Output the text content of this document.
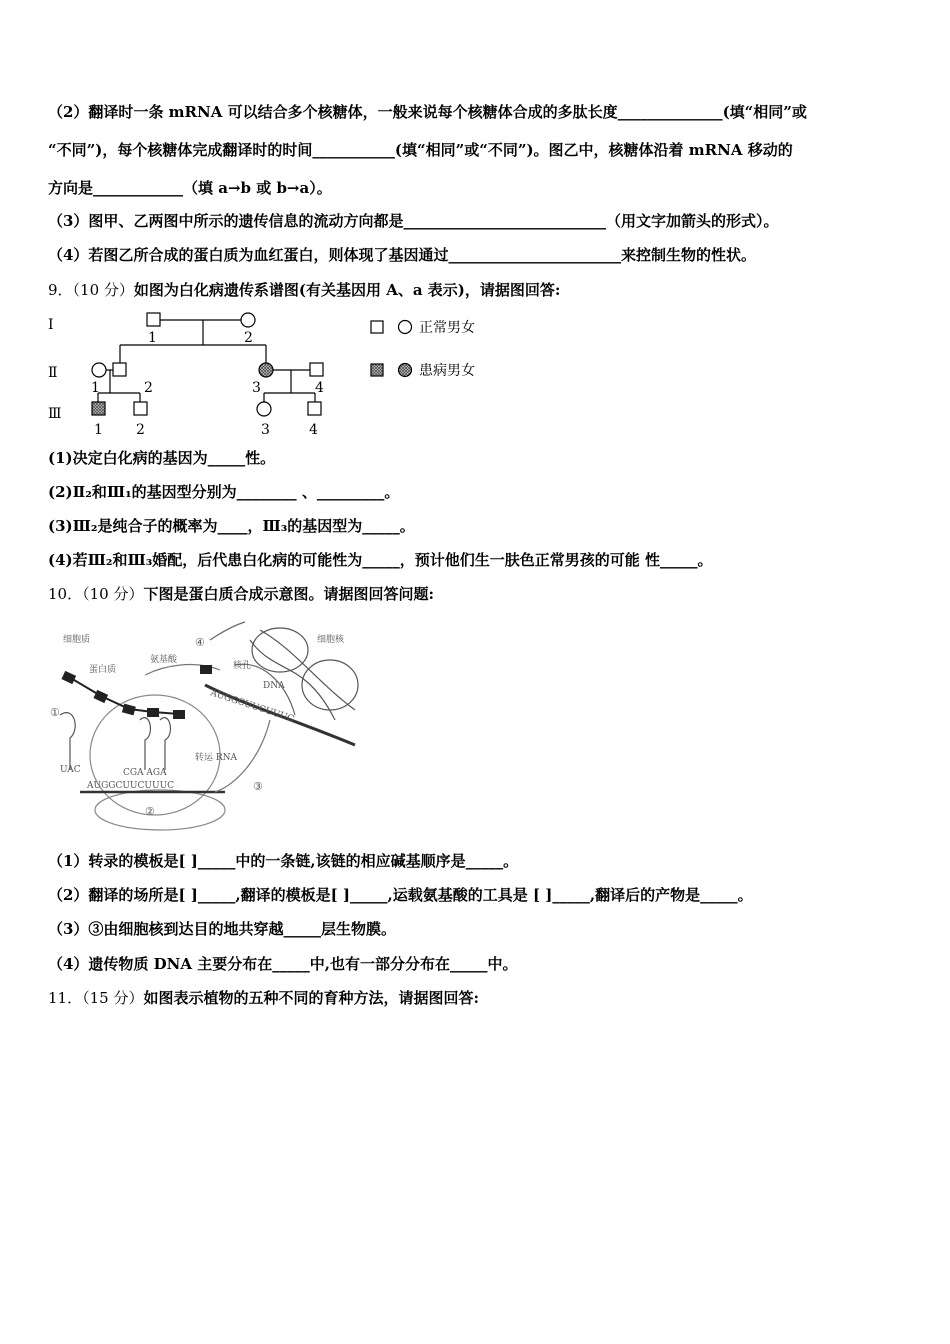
（2）翻译时一条 mRNA 可以结合多个核糖体，一般来说每个核糖体合成的多肽长度______________(填“相同”或
“不同”)，每个核糖体完成翻译时的时间___________(填“相同”或“不同”)。图乙中，核糖体沿着 mRNA 移动的
方向是____________（填 a→b 或 b→a）。
（3）图甲、乙两图中所示的遗传信息的流动方向都是___________________________（用文字加箭头的形式）。
（4）若图乙所合成的蛋白质为血红蛋白，则体现了基因通过_______________________来控制生物的性状。
9．（10 分）如图为白化病遗传系谱图(有关基因用 A、a 表示)，请据图回答:
Ⅰ
Ⅱ
Ⅲ
1	2
1	2	3	4
1 2	3	4
正常男女
患病男女
(1)决定白化病的基因为_____性。
(2)Ⅱ₂和Ⅲ₁的基因型分别为________ 、_________。
(3)Ⅲ₂是纯合子的概率为____，Ⅲ₃的基因型为_____。
(4)若Ⅲ₂和Ⅲ₃婚配，后代患白化病的可能性为_____，预计他们生一肤色正常男孩的可能 性_____。
10．（10 分）下图是蛋白质合成示意图。请据图回答问题:
细胞质	细胞核
蛋白质
氨基酸
核孔
DNA
转运 RNA
AUGGCUUCUUUC
UAC	CGA AGA
AUGGCUUCUUUC
①
②
③
④
（1）转录的模板是[ ]_____中的一条链,该链的相应碱基顺序是_____。
（2）翻译的场所是[ ]_____,翻译的模板是[ ]_____,运载氨基酸的工具是 [ ]_____,翻译后的产物是_____。
（3）③由细胞核到达目的地共穿越_____层生物膜。
（4）遗传物质 DNA 主要分布在_____中,也有一部分分布在_____中。
11．（15 分）如图表示植物的五种不同的育种方法，请据图回答:
